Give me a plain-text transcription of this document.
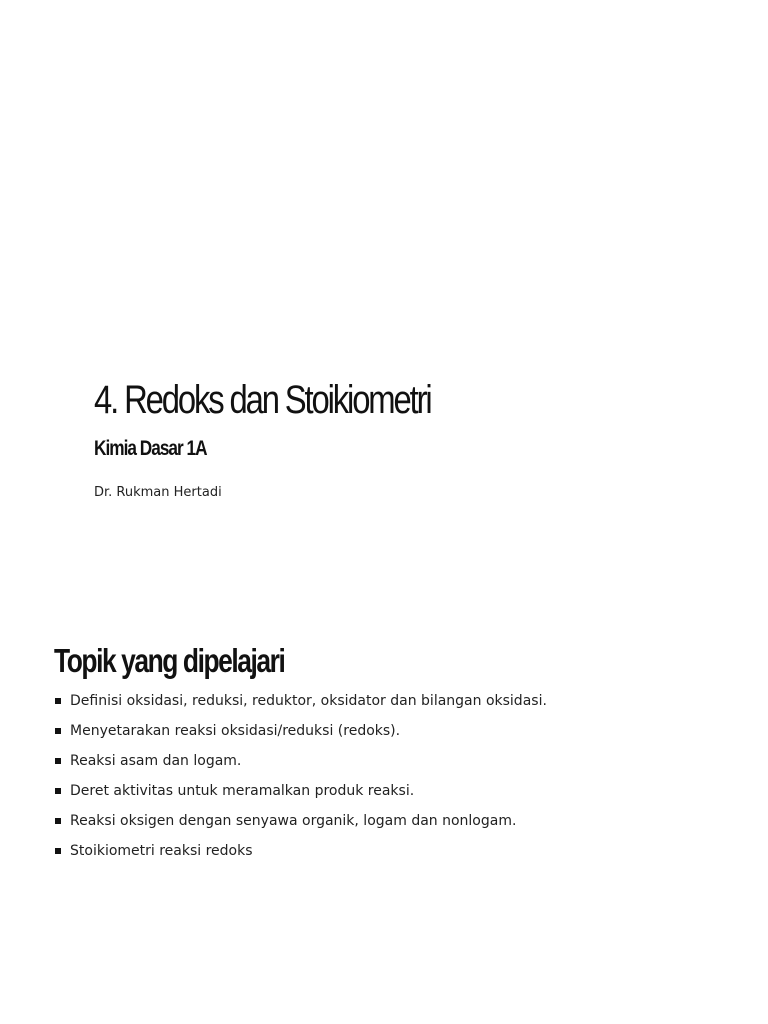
4. Redoks dan Stoikiometri
Kimia Dasar 1A

Dr. Rukman Hertadi

Topik yang dipelajari
Definisi oksidasi, reduksi, reduktor, oksidator dan bilangan oksidasi.
Menyetarakan reaksi oksidasi/reduksi (redoks).
Reaksi asam dan logam.
Deret aktivitas untuk meramalkan produk reaksi.
Reaksi oksigen dengan senyawa organik, logam dan nonlogam.
Stoikiometri reaksi redoks
